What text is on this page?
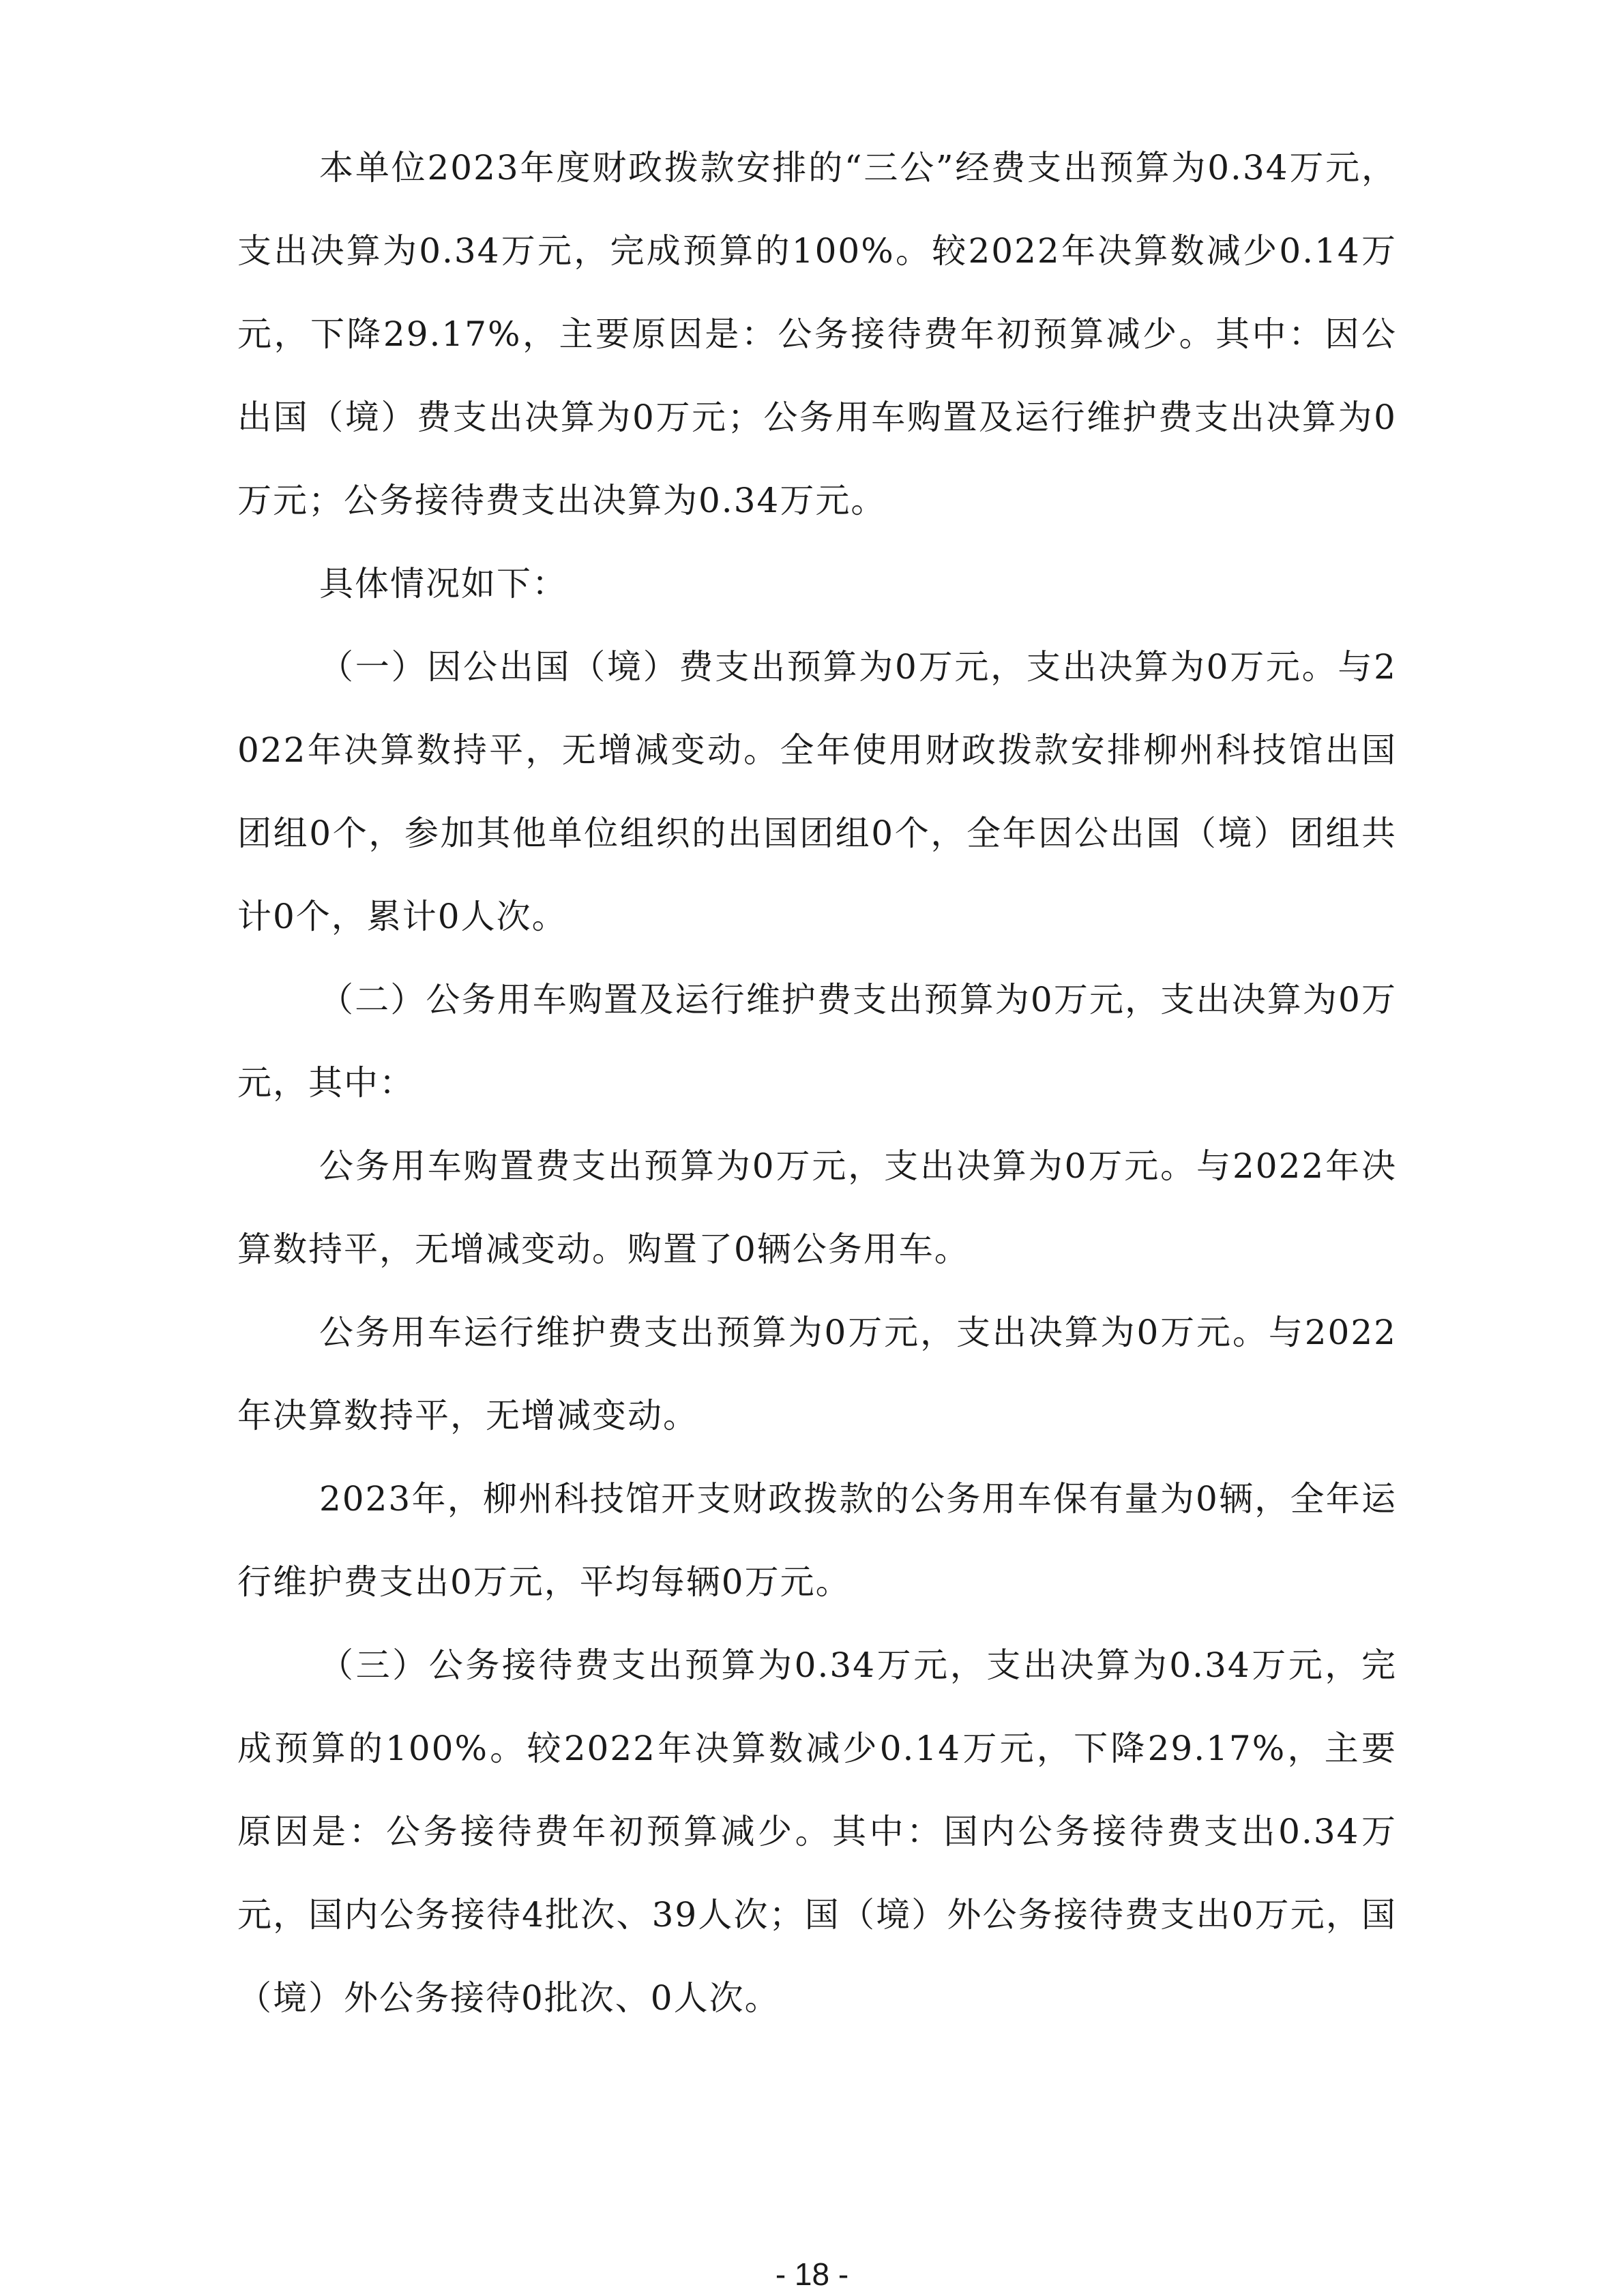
本单位2023年度财政拨款安排的“三公”经费支出预算为0.34万元，支出决算为0.34万元，完成预算的100%。较2022年决算数减少0.14万元，下降29.17%，主要原因是：公务接待费年初预算减少。其中：因公出国（境）费支出决算为0万元；公务用车购置及运行维护费支出决算为0万元；公务接待费支出决算为0.34万元。

具体情况如下：

（一）因公出国（境）费支出预算为0万元，支出决算为0万元。与2022年决算数持平，无增减变动。全年使用财政拨款安排柳州科技馆出国团组0个，参加其他单位组织的出国团组0个，全年因公出国（境）团组共计0个，累计0人次。

（二）公务用车购置及运行维护费支出预算为0万元，支出决算为0万元，其中：

公务用车购置费支出预算为0万元，支出决算为0万元。与2022年决算数持平，无增减变动。购置了0辆公务用车。

公务用车运行维护费支出预算为0万元，支出决算为0万元。与2022年决算数持平，无增减变动。

2023年，柳州科技馆开支财政拨款的公务用车保有量为0辆，全年运行维护费支出0万元，平均每辆0万元。

（三）公务接待费支出预算为0.34万元，支出决算为0.34万元，完成预算的100%。较2022年决算数减少0.14万元，下降29.17%，主要原因是：公务接待费年初预算减少。其中：国内公务接待费支出0.34万元，国内公务接待4批次、39人次；国（境）外公务接待费支出0万元，国（境）外公务接待0批次、0人次。

- 18 -
